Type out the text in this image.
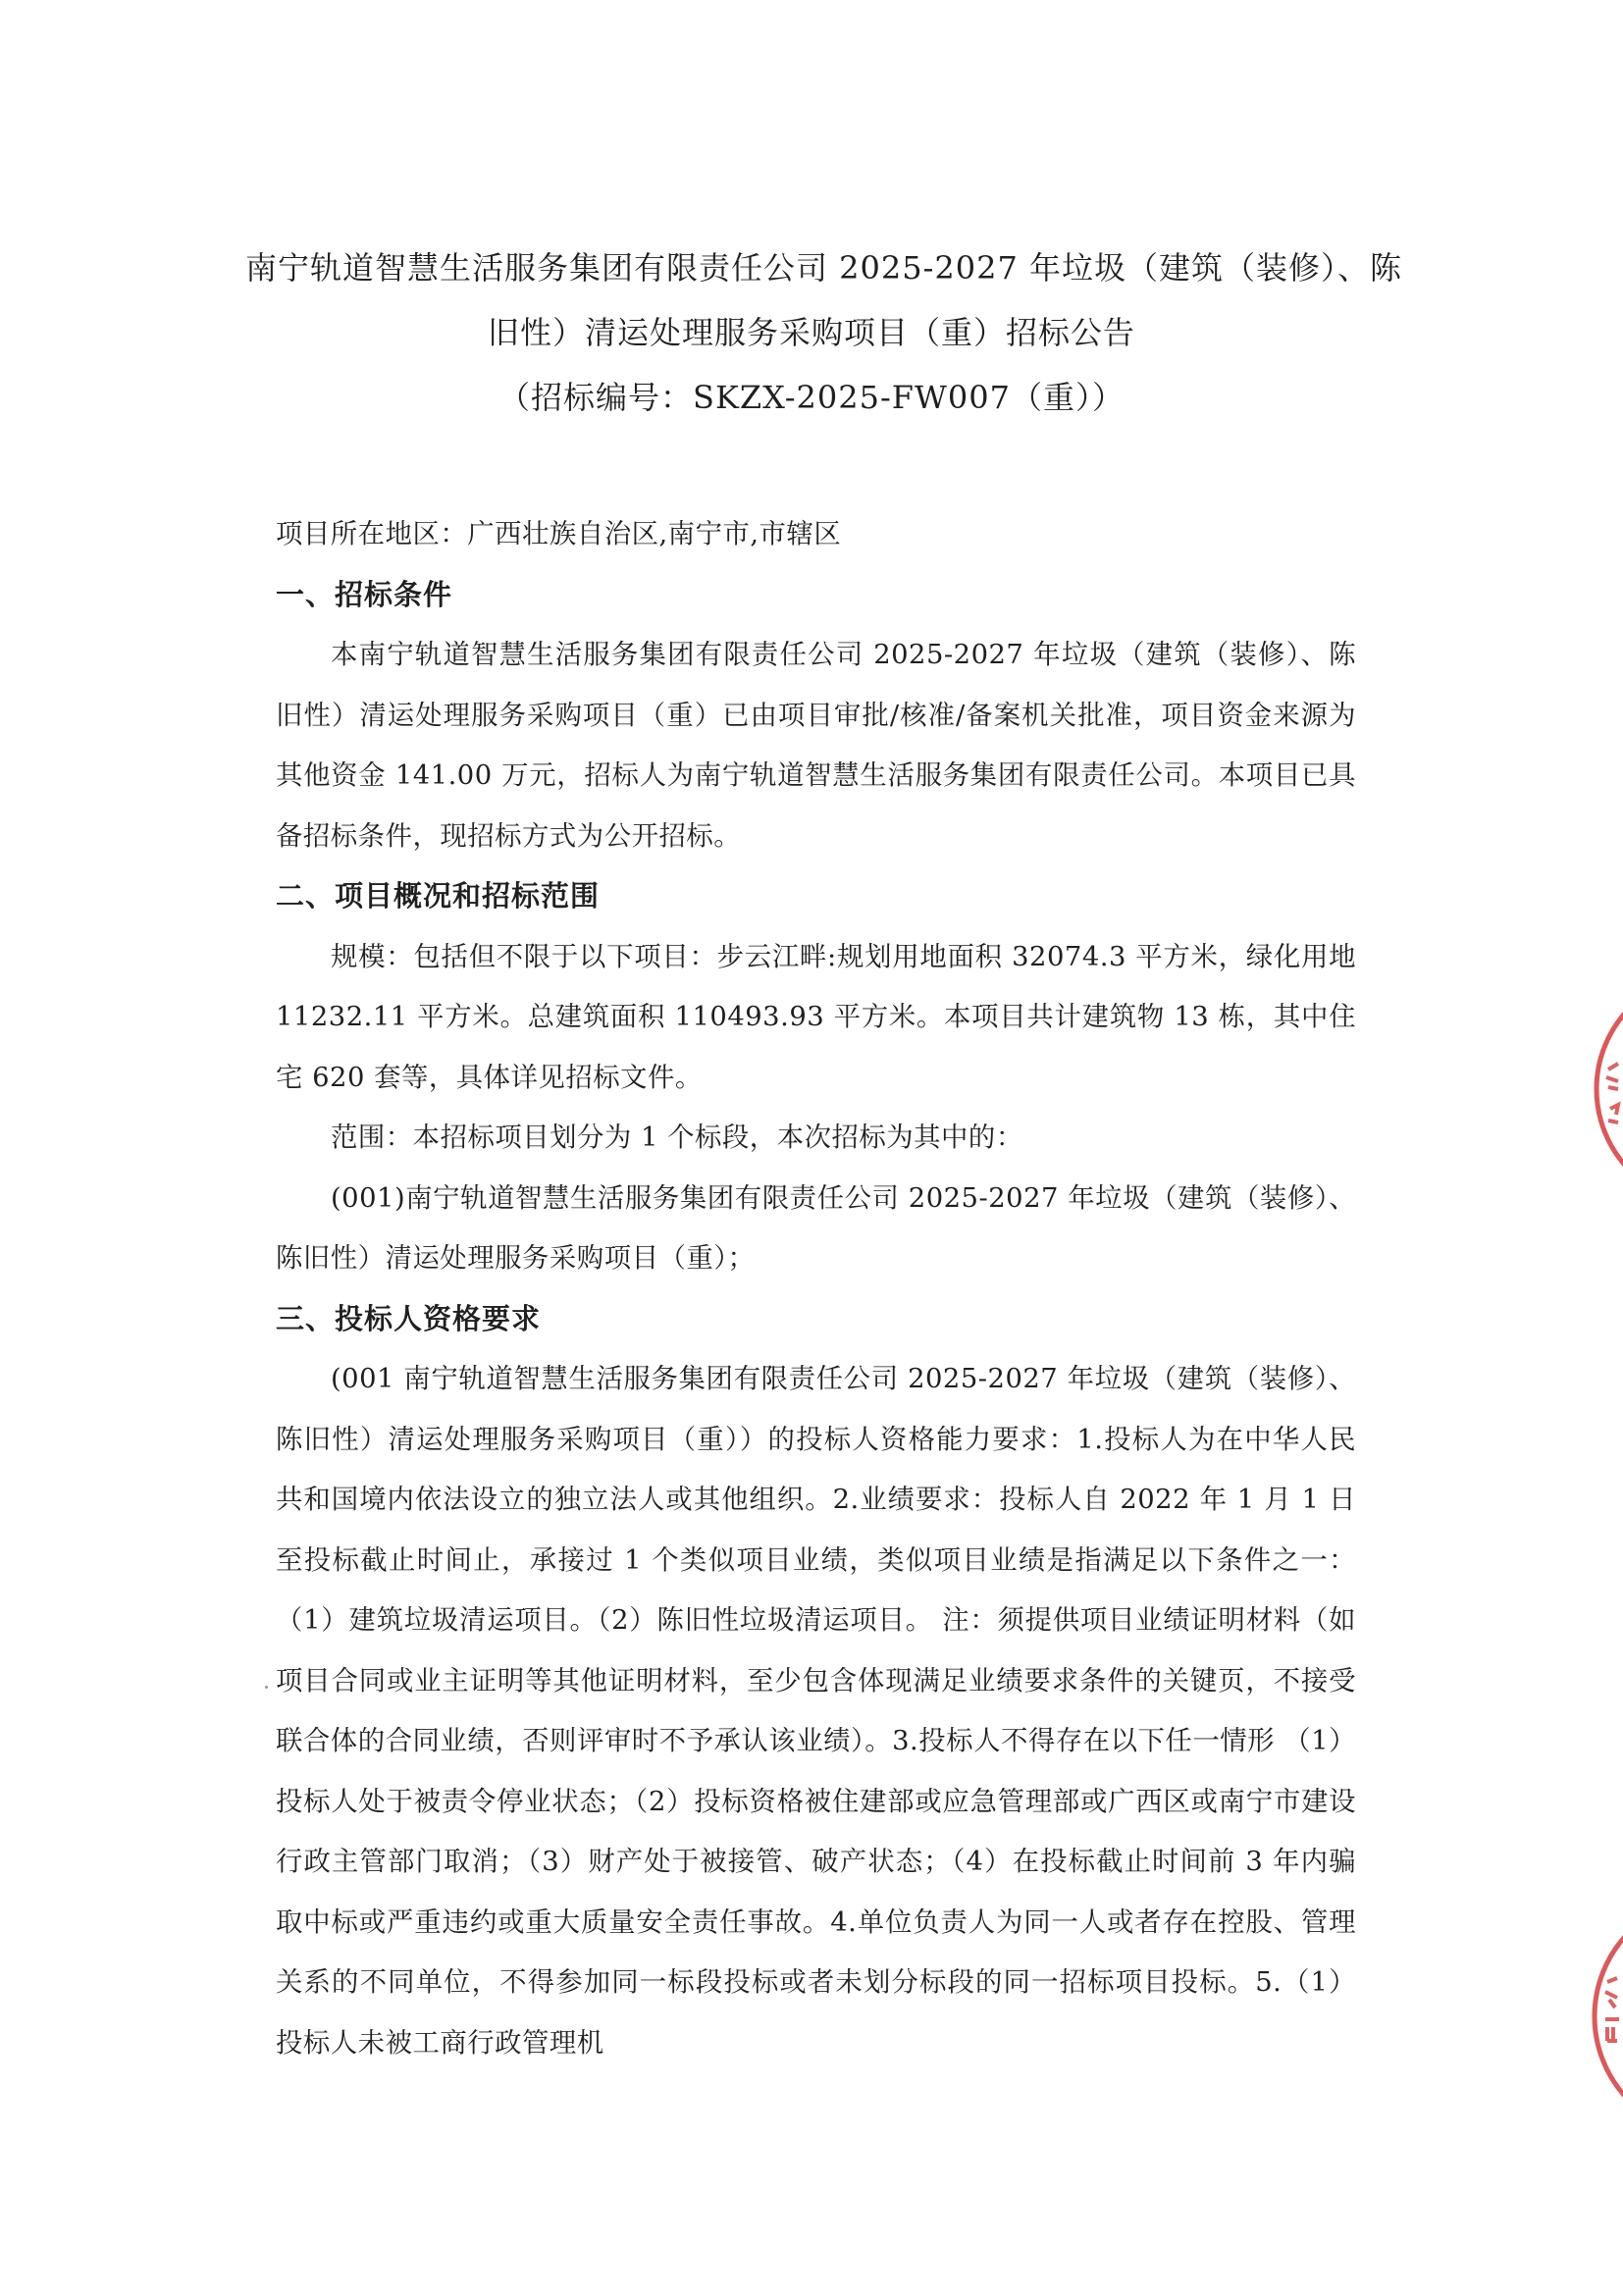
南宁轨道智慧生活服务集团有限责任公司 2025-2027 年垃圾（建筑（装修）、陈
旧性）清运处理服务采购项目（重）招标公告
（招标编号：SKZX-2025-FW007（重））

项目所在地区：广西壮族自治区,南宁市,市辖区

一、招标条件

本南宁轨道智慧生活服务集团有限责任公司 2025-2027 年垃圾（建筑（装修）、陈旧性）清运处理服务采购项目（重）已由项目审批/核准/备案机关批准，项目资金来源为其他资金 141.00 万元，招标人为南宁轨道智慧生活服务集团有限责任公司。本项目已具备招标条件，现招标方式为公开招标。

二、项目概况和招标范围

规模：包括但不限于以下项目：步云江畔:规划用地面积 32074.3 平方米，绿化用地 11232.11 平方米。总建筑面积 110493.93 平方米。本项目共计建筑物 13 栋，其中住宅 620 套等，具体详见招标文件。

范围：本招标项目划分为 1 个标段，本次招标为其中的：

(001)南宁轨道智慧生活服务集团有限责任公司 2025-2027 年垃圾（建筑（装修）、陈旧性）清运处理服务采购项目（重）；

三、投标人资格要求

(001 南宁轨道智慧生活服务集团有限责任公司 2025-2027 年垃圾（建筑（装修）、陈旧性）清运处理服务采购项目（重））的投标人资格能力要求：1.投标人为在中华人民共和国境内依法设立的独立法人或其他组织。2.业绩要求：投标人自 2022 年 1 月 1 日至投标截止时间止，承接过 1 个类似项目业绩，类似项目业绩是指满足以下条件之一：（1）建筑垃圾清运项目。（2）陈旧性垃圾清运项目。 注：须提供项目业绩证明材料（如项目合同或业主证明等其他证明材料，至少包含体现满足业绩要求条件的关键页，不接受联合体的合同业绩，否则评审时不予承认该业绩）。3.投标人不得存在以下任一情形 （1）投标人处于被责令停业状态；（2）投标资格被住建部或应急管理部或广西区或南宁市建设行政主管部门取消；（3）财产处于被接管、破产状态；（4）在投标截止时间前 3 年内骗取中标或严重违约或重大质量安全责任事故。4.单位负责人为同一人或者存在控股、管理关系的不同单位，不得参加同一标段投标或者未划分标段的同一招标项目投标。5.（1）投标人未被工商行政管理机
